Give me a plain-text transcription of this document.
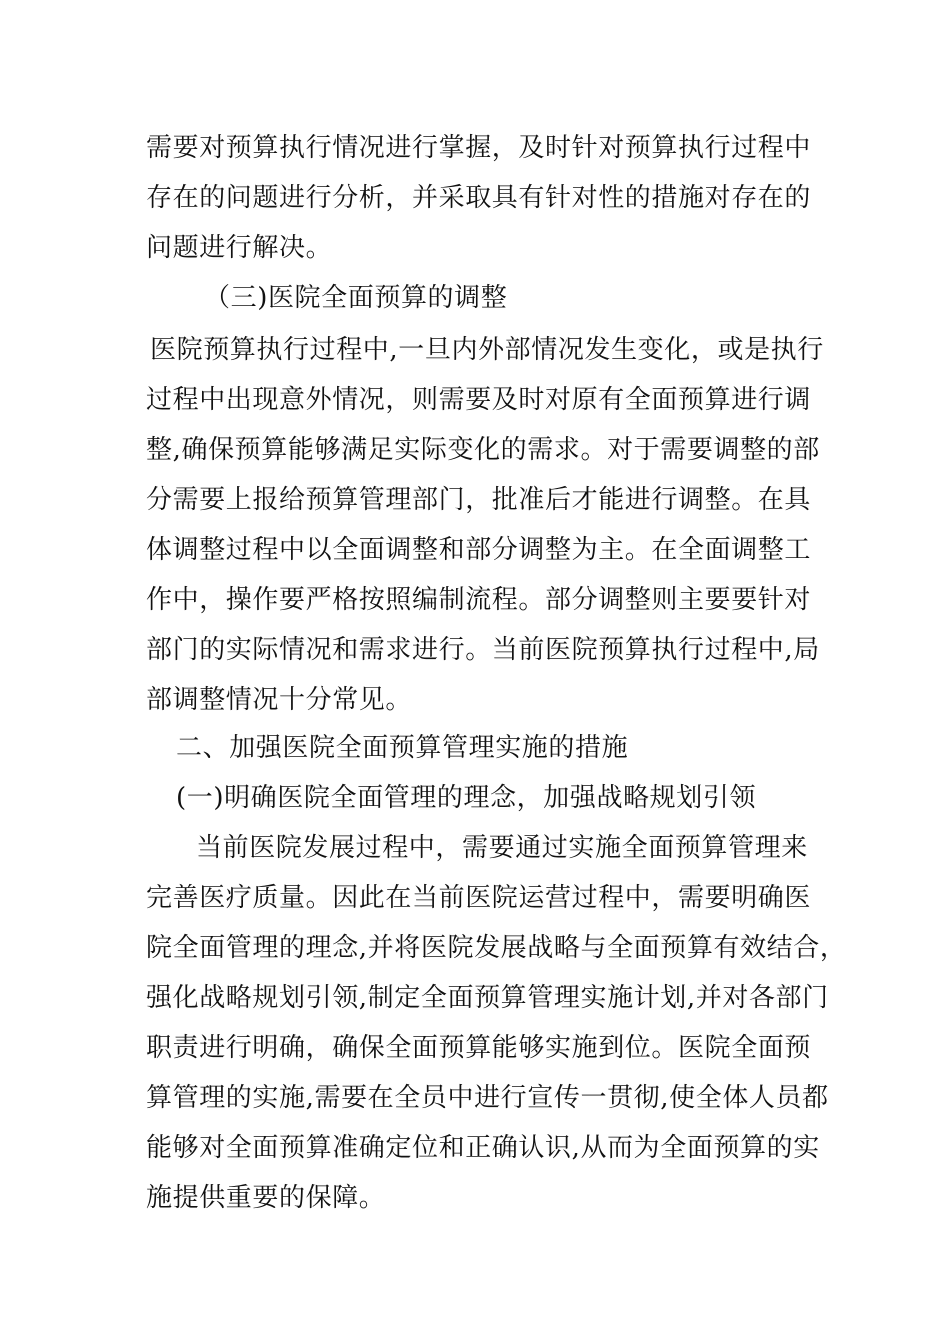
需要对预算执行情况进行掌握，及时针对预算执行过程中
存在的问题进行分析，并采取具有针对性的措施对存在的
问题进行解决。
（三)医院全面预算的调整
医院预算执行过程中,一旦内外部情况发生变化，或是执行
过程中出现意外情况，则需要及时对原有全面预算进行调
整,确保预算能够满足实际变化的需求。对于需要调整的部
分需要上报给预算管理部门，批准后才能进行调整。在具
体调整过程中以全面调整和部分调整为主。在全面调整工
作中，操作要严格按照编制流程。部分调整则主要要针对
部门的实际情况和需求进行。当前医院预算执行过程中,局
部调整情况十分常见。
二、加强医院全面预算管理实施的措施
(一)明确医院全面管理的理念，加强战略规划引领
当前医院发展过程中，需要通过实施全面预算管理来
完善医疗质量。因此在当前医院运营过程中，需要明确医
院全面管理的理念,并将医院发展战略与全面预算有效结合，
强化战略规划引领,制定全面预算管理实施计划,并对各部门
职责进行明确，确保全面预算能够实施到位。医院全面预
算管理的实施,需要在全员中进行宣传一贯彻,使全体人员都
能够对全面预算准确定位和正确认识,从而为全面预算的实
施提供重要的保障。
